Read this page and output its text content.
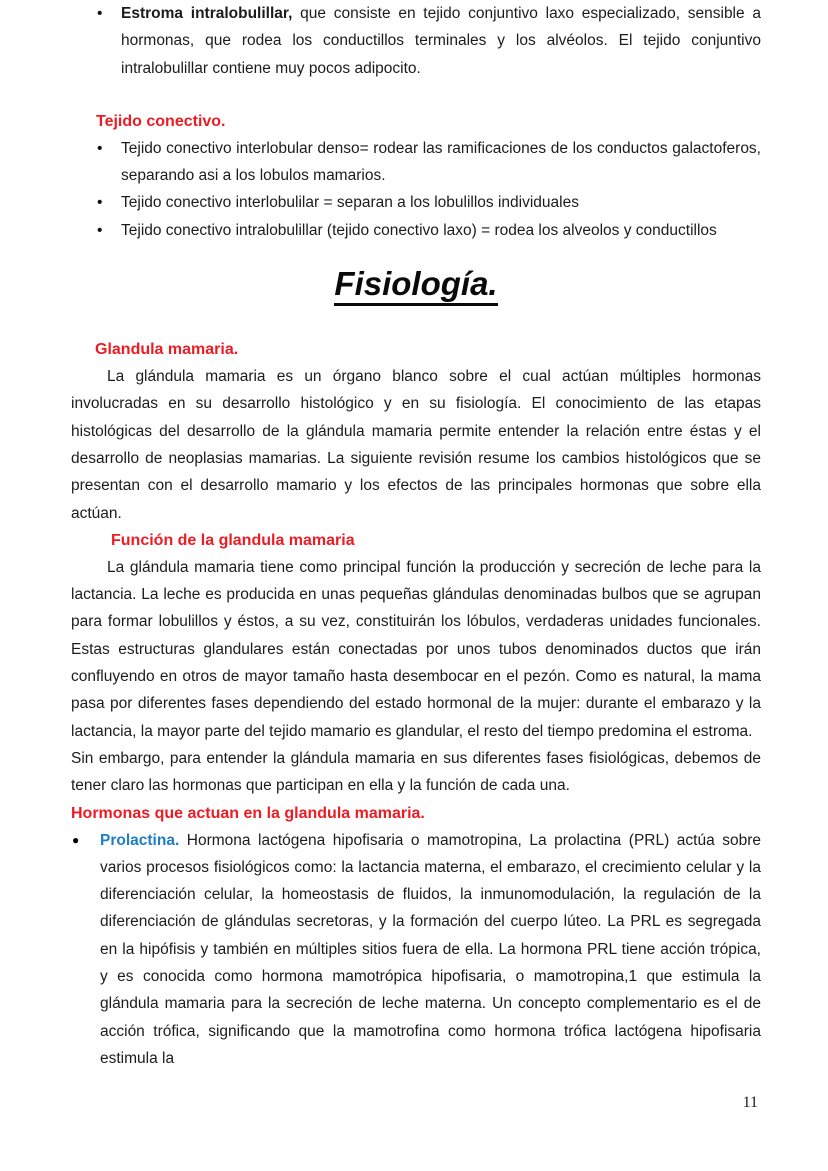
• Estroma intralobulillar, que consiste en tejido conjuntivo laxo especializado, sensible a hormonas, que rodea los conductillos terminales y los alvéolos. El tejido conjuntivo intralobulillar contiene muy pocos adipocito.
Tejido conectivo.
• Tejido conectivo interlobular denso= rodear las ramificaciones de los conductos galactoferos, separando asi a los lobulos mamarios.
• Tejido conectivo interlobulilar = separan a los lobulillos individuales
• Tejido conectivo intralobulillar (tejido conectivo laxo) = rodea los alveolos y conductillos
Fisiología.
Glandula mamaria.

La glándula mamaria es un órgano blanco sobre el cual actúan múltiples hormonas involucradas en su desarrollo histológico y en su fisiología. El conocimiento de las etapas histológicas del desarrollo de la glándula mamaria permite entender la relación entre éstas y el desarrollo de neoplasias mamarias. La siguiente revisión resume los cambios histológicos que se presentan con el desarrollo mamario y los efectos de las principales hormonas que sobre ella actúan.

Función de la glandula mamaria

La glándula mamaria tiene como principal función la producción y secreción de leche para la lactancia. La leche es producida en unas pequeñas glándulas denominadas bulbos que se agrupan para formar lobulillos y éstos, a su vez, constituirán los lóbulos, verdaderas unidades funcionales. Estas estructuras glandulares están conectadas por unos tubos denominados ductos que irán confluyendo en otros de mayor tamaño hasta desembocar en el pezón. Como es natural, la mama pasa por diferentes fases dependiendo del estado hormonal de la mujer: durante el embarazo y la lactancia, la mayor parte del tejido mamario es glandular, el resto del tiempo predomina el estroma.

Sin embargo, para entender la glándula mamaria en sus diferentes fases fisiológicas, debemos de tener claro las hormonas que participan en ella y la función de cada una.

Hormonas que actuan en la glandula mamaria.
● Prolactina. Hormona lactógena hipofisaria o mamotropina, La prolactina (PRL) actúa sobre varios procesos fisiológicos como: la lactancia materna, el embarazo, el crecimiento celular y la diferenciación celular, la homeostasis de fluidos, la inmunomodulación, la regulación de la diferenciación de glándulas secretoras, y la formación del cuerpo lúteo. La PRL es segregada en la hipófisis y también en múltiples sitios fuera de ella. La hormona PRL tiene acción trópica, y es conocida como hormona mamotrópica hipofisaria, o mamotropina,1 que estimula la glándula mamaria para la secreción de leche materna. Un concepto complementario es el de acción trófica, significando que la mamotrofina como hormona trófica lactógena hipofisaria estimula la
11
